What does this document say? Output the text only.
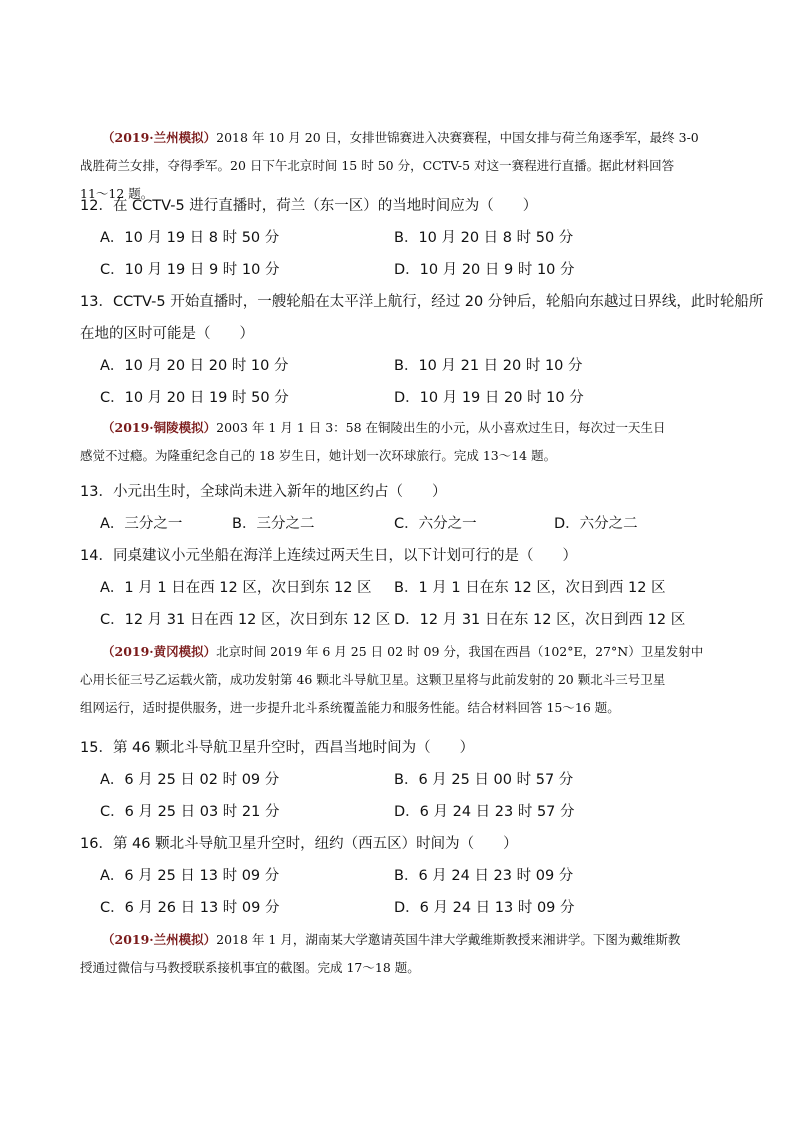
（2019·兰州模拟）2018 年 10 月 20 日，女排世锦赛进入决赛赛程，中国女排与荷兰角逐季军，最终 3-0
战胜荷兰女排，夺得季军。20 日下午北京时间 15 时 50 分，CCTV-5 对这一赛程进行直播。据此材料回答
11～12 题。
12．在 CCTV-5 进行直播时，荷兰（东一区）的当地时间应为（　　）
A．10 月 19 日 8 时 50 分	B．10 月 20 日 8 时 50 分
C．10 月 19 日 9 时 10 分	D．10 月 20 日 9 时 10 分
13．CCTV-5 开始直播时，一艘轮船在太平洋上航行，经过 20 分钟后，轮船向东越过日界线，此时轮船所
在地的区时可能是（　　）
A．10 月 20 日 20 时 10 分	B．10 月 21 日 20 时 10 分
C．10 月 20 日 19 时 50 分	D．10 月 19 日 20 时 10 分
（2019·铜陵模拟）2003 年 1 月 1 日 3：58 在铜陵出生的小元，从小喜欢过生日，每次过一天生日
感觉不过瘾。为隆重纪念自己的 18 岁生日，她计划一次环球旅行。完成 13～14 题。
13．小元出生时，全球尚未进入新年的地区约占（　　）
A．三分之一	B．三分之二	C．六分之一	D．六分之二
14．同桌建议小元坐船在海洋上连续过两天生日，以下计划可行的是（　　）
A．1 月 1 日在西 12 区，次日到东 12 区 B．1 月 1 日在东 12 区，次日到西 12 区
C．12 月 31 日在西 12 区，次日到东 12 区 D．12 月 31 日在东 12 区，次日到西 12 区
（2019·黄冈模拟）北京时间 2019 年 6 月 25 日 02 时 09 分，我国在西昌（102°E，27°N）卫星发射中
心用长征三号乙运载火箭，成功发射第 46 颗北斗导航卫星。这颗卫星将与此前发射的 20 颗北斗三号卫星
组网运行，适时提供服务，进一步提升北斗系统覆盖能力和服务性能。结合材料回答 15～16 题。
15．第 46 颗北斗导航卫星升空时，西昌当地时间为（　　）
A．6 月 25 日 02 时 09 分	B．6 月 25 日 00 时 57 分
C．6 月 25 日 03 时 21 分	D．6 月 24 日 23 时 57 分
16．第 46 颗北斗导航卫星升空时，纽约（西五区）时间为（　　）
A．6 月 25 日 13 时 09 分	B．6 月 24 日 23 时 09 分
C．6 月 26 日 13 时 09 分	D．6 月 24 日 13 时 09 分
（2019·兰州模拟）2018 年 1 月，湖南某大学邀请英国牛津大学戴维斯教授来湘讲学。下图为戴维斯教
授通过微信与马教授联系接机事宜的截图。完成 17～18 题。
